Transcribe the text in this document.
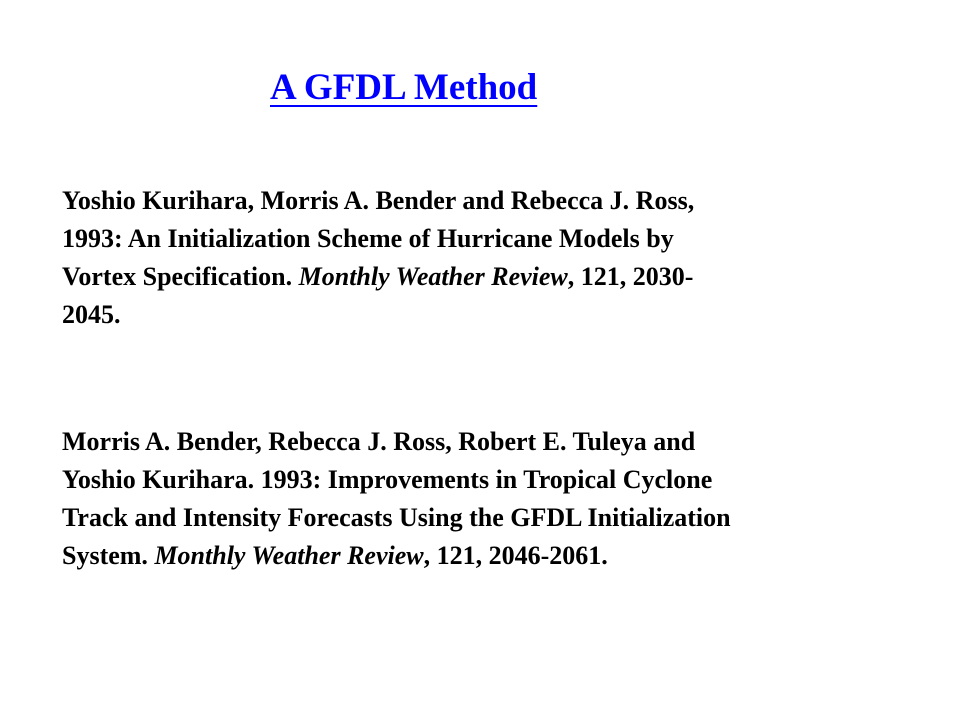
A GFDL Method
Yoshio Kurihara, Morris A. Bender and Rebecca J. Ross,
1993: An Initialization Scheme of Hurricane Models by
Vortex Specification. Monthly Weather Review, 121, 2030-
2045.
Morris A. Bender, Rebecca J. Ross, Robert E. Tuleya and
Yoshio Kurihara. 1993: Improvements in Tropical Cyclone
Track and Intensity Forecasts Using the GFDL Initialization
System. Monthly Weather Review, 121, 2046-2061.
